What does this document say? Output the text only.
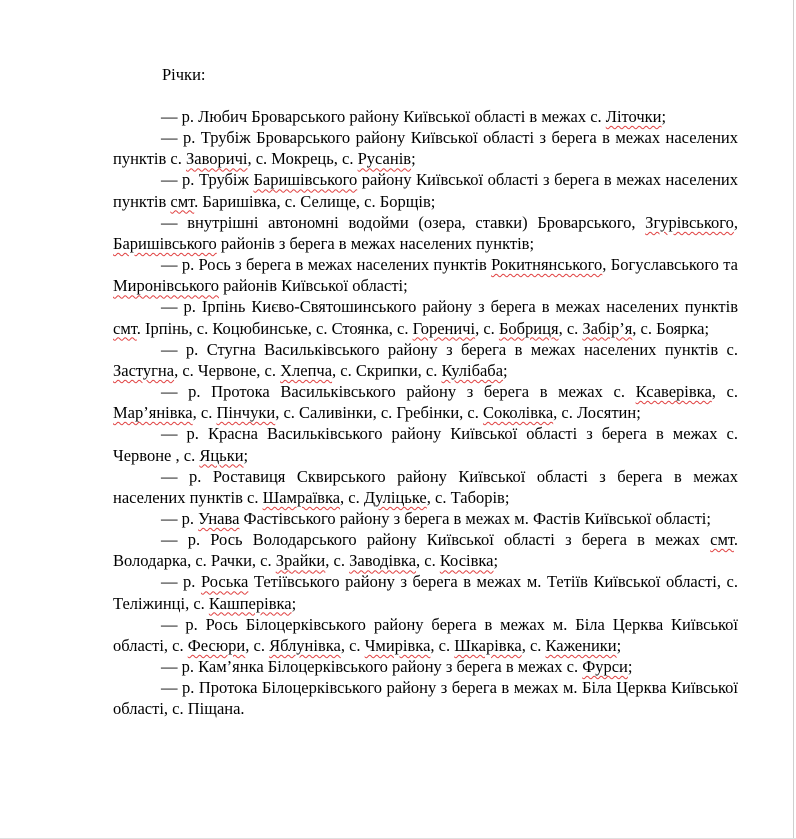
Річки:

— р. Любич Броварського району Київської області в межах с. Літочки;

— р. Трубіж Броварського району Київської області з берега в межах населених пунктів с. Заворичі, с. Мокрець, с. Русанів;

— р. Трубіж Баришівського району Київської області з берега в межах населених пунктів смт. Баришівка, с. Селище, с. Борщів;

— внутрішні автономні водойми (озера, ставки) Броварського, Згурівського, Баришівського районів з берега в межах населених пунктів;

— р. Рось з берега в межах населених пунктів Рокитнянського, Богуславського та Миронівського районів Київської області;

— р. Ірпінь Києво-Святошинського району з берега в межах населених пунктів смт. Ірпінь, с. Коцюбинське, с. Стоянка, с. Гореничі, с. Бобриця, с. Забір’я, с. Боярка;

— р. Стугна Васильківського району з берега в межах населених пунктів с. Застугна, с. Червоне, с. Хлепча, с. Скрипки, с. Кулібаба;

— р. Протока Васильківського району з берега в межах с. Ксаверівка, с. Мар’янівка, с. Пінчуки, с. Саливінки, с. Гребінки, с. Соколівка, с. Лосятин;

— р. Красна Васильківського району Київської області з берега в межах с. Червоне , с. Яцьки;

— р. Роставиця Сквирського району Київської області з берега в межах населених пунктів с. Шамраївка, с. Дуліцьке, с. Таборів;

— р. Унава Фастівського району з берега в межах м. Фастів Київської області;

— р. Рось Володарського району Київської області з берега в межах смт. Володарка, с. Рачки, с. Зрайки, с. Заводівка, с. Косівка;

— р. Роська Тетіївського району з берега в межах м. Тетіїв Київської області, с. Теліжинці, с. Кашперівка;

— р. Рось Білоцерківського району берега в межах м. Біла Церква Київської області, с. Фесюри, с. Яблунівка, с. Чмирівка, с. Шкарівка, с. Каженики;

— р. Кам’янка Білоцерківського району з берега в межах с. Фурси;

— р. Протока Білоцерківського району з берега в межах м. Біла Церква Київської області, с. Піщана.
